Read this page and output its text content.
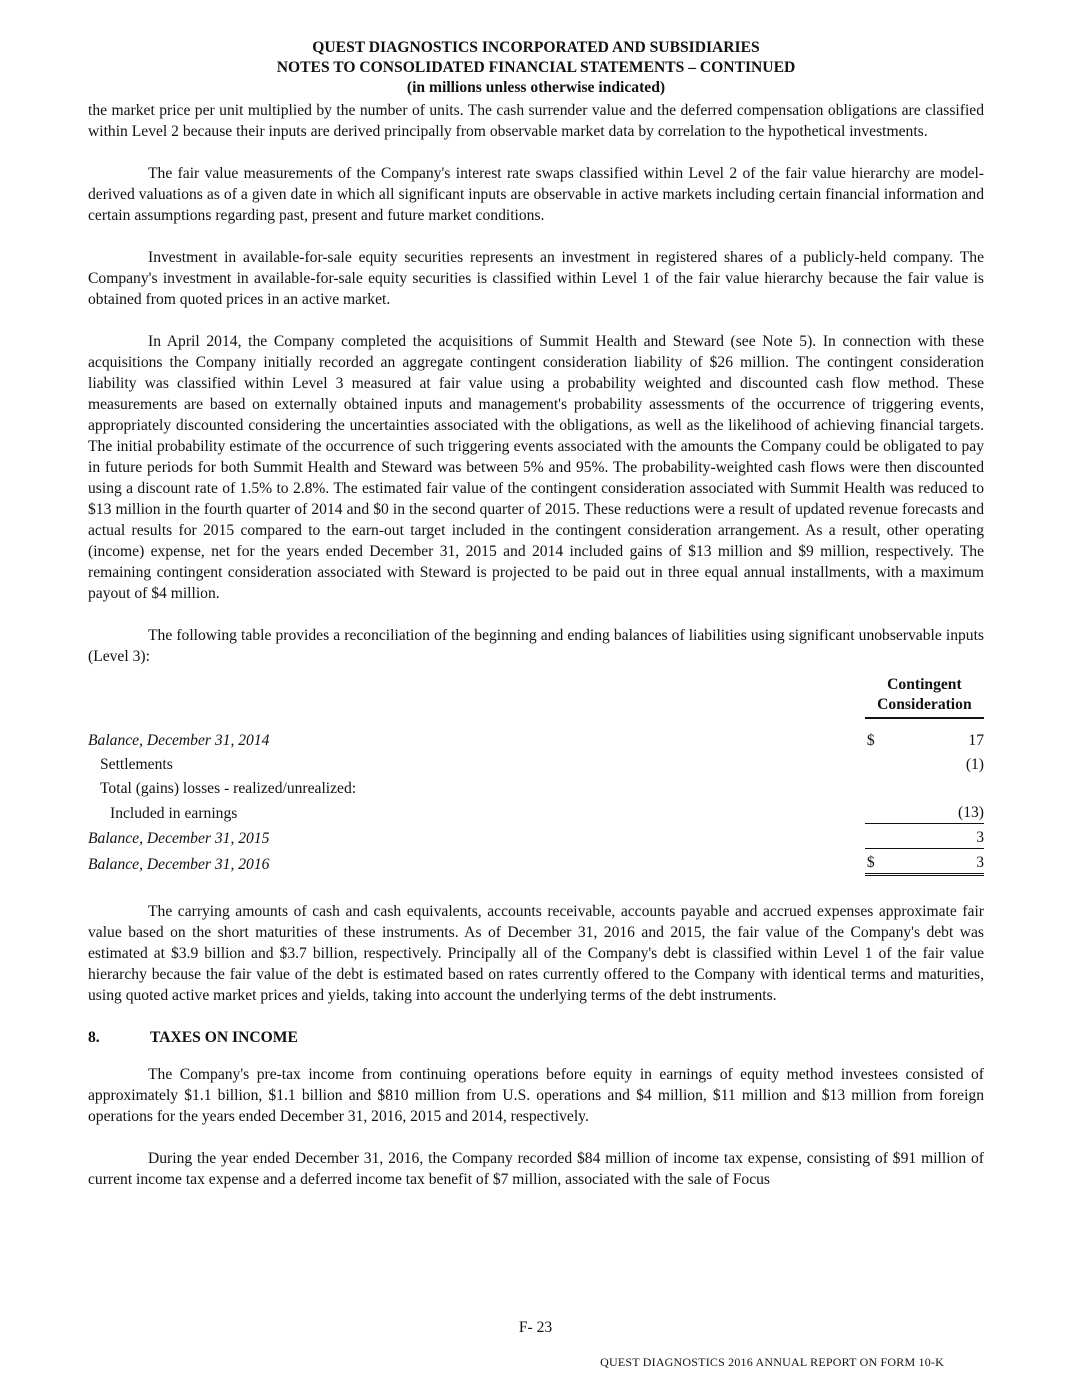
QUEST DIAGNOSTICS INCORPORATED AND SUBSIDIARIES
NOTES TO CONSOLIDATED FINANCIAL STATEMENTS – CONTINUED
(in millions unless otherwise indicated)

the market price per unit multiplied by the number of units. The cash surrender value and the deferred compensation obligations are classified within Level 2 because their inputs are derived principally from observable market data by correlation to the hypothetical investments.

The fair value measurements of the Company's interest rate swaps classified within Level 2 of the fair value hierarchy are model-derived valuations as of a given date in which all significant inputs are observable in active markets including certain financial information and certain assumptions regarding past, present and future market conditions.

Investment in available-for-sale equity securities represents an investment in registered shares of a publicly-held company. The Company's investment in available-for-sale equity securities is classified within Level 1 of the fair value hierarchy because the fair value is obtained from quoted prices in an active market.

In April 2014, the Company completed the acquisitions of Summit Health and Steward (see Note 5). In connection with these acquisitions the Company initially recorded an aggregate contingent consideration liability of $26 million. The contingent consideration liability was classified within Level 3 measured at fair value using a probability weighted and discounted cash flow method. These measurements are based on externally obtained inputs and management's probability assessments of the occurrence of triggering events, appropriately discounted considering the uncertainties associated with the obligations, as well as the likelihood of achieving financial targets. The initial probability estimate of the occurrence of such triggering events associated with the amounts the Company could be obligated to pay in future periods for both Summit Health and Steward was between 5% and 95%. The probability-weighted cash flows were then discounted using a discount rate of 1.5% to 2.8%. The estimated fair value of the contingent consideration associated with Summit Health was reduced to $13 million in the fourth quarter of 2014 and $0 in the second quarter of 2015. These reductions were a result of updated revenue forecasts and actual results for 2015 compared to the earn-out target included in the contingent consideration arrangement. As a result, other operating (income) expense, net for the years ended December 31, 2015 and 2014 included gains of $13 million and $9 million, respectively. The remaining contingent consideration associated with Steward is projected to be paid out in three equal annual installments, with a maximum payout of $4 million.

The following table provides a reconciliation of the beginning and ending balances of liabilities using significant unobservable inputs (Level 3):

	Contingent
Consideration	

Balance, December 31, 2014	$	17
Settlements		(1)
Total (gains) losses - realized/unrealized:		
Included in earnings		(13)
Balance, December 31, 2015		3
Balance, December 31, 2016	$	3

The carrying amounts of cash and cash equivalents, accounts receivable, accounts payable and accrued expenses approximate fair value based on the short maturities of these instruments. As of December 31, 2016 and 2015, the fair value of the Company's debt was estimated at $3.9 billion and $3.7 billion, respectively. Principally all of the Company's debt is classified within Level 1 of the fair value hierarchy because the fair value of the debt is estimated based on rates currently offered to the Company with identical terms and maturities, using quoted active market prices and yields, taking into account the underlying terms of the debt instruments.

8.	TAXES ON INCOME

The Company's pre-tax income from continuing operations before equity in earnings of equity method investees consisted of approximately $1.1 billion, $1.1 billion and $810 million from U.S. operations and $4 million, $11 million and $13 million from foreign operations for the years ended December 31, 2016, 2015 and 2014, respectively.

During the year ended December 31, 2016, the Company recorded $84 million of income tax expense, consisting of $91 million of current income tax expense and a deferred income tax benefit of $7 million, associated with the sale of Focus

F- 23
QUEST DIAGNOSTICS 2016 ANNUAL REPORT ON FORM 10-K
